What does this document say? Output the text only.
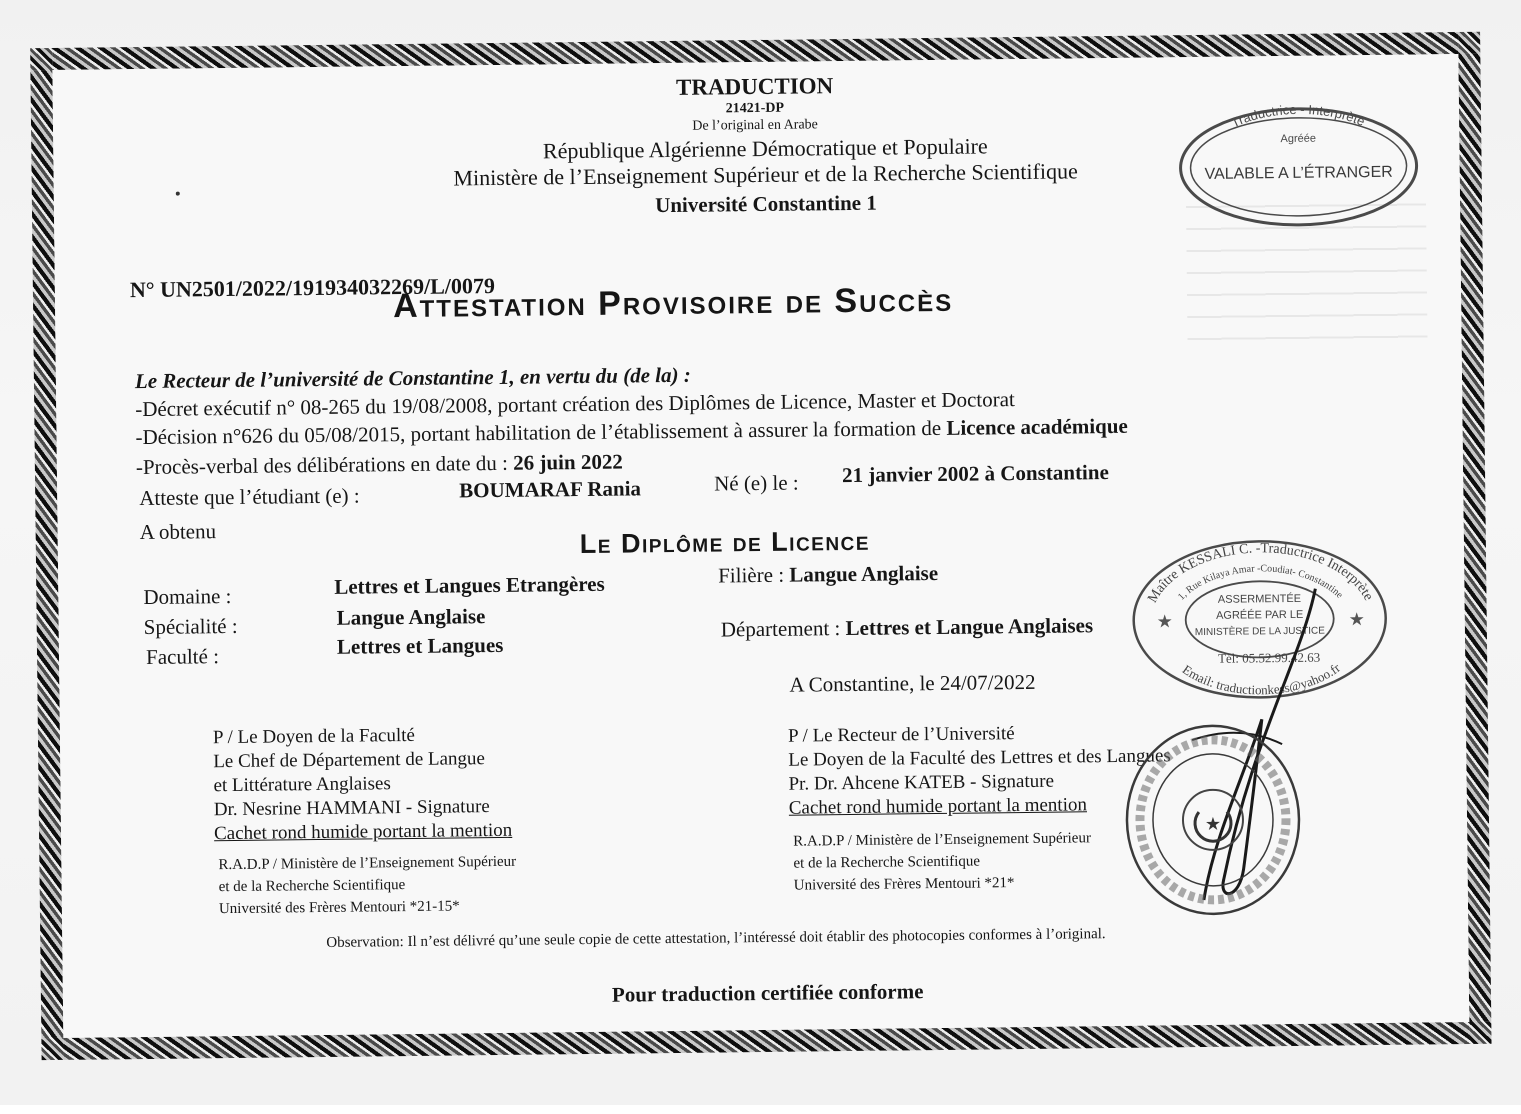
TRADUCTION
21421-DP
De l’original en Arabe
République Algérienne Démocratique et Populaire
Ministère de l’Enseignement Supérieur et de la Recherche Scientifique
Université Constantine 1
N° UN2501/2022/191934032269/L/0079
Attestation Provisoire de Succès
Le Recteur de l’université de Constantine 1, en vertu du (de la) :
-Décret exécutif n° 08-265 du 19/08/2008, portant création des Diplômes de Licence, Master et Doctorat
-Décision n°626 du 05/08/2015, portant habilitation de l’établissement à assurer la formation de Licence académique
-Procès-verbal des délibérations en date du : 26 juin 2022
Atteste que l’étudiant (e) :	BOUMARAF Rania	Né (e) le : 21 janvier 2002 à Constantine
A obtenu	Le Diplôme de Licence
Domaine :	Lettres et Langues Etrangères	Filière : Langue Anglaise
Spécialité :	Langue Anglaise
Faculté :	Lettres et Langues
Département : Lettres et Langue Anglaises
A Constantine, le 24/07/2022
P / Le Doyen de la Faculté
Le Chef de Département de Langue
et Littérature Anglaises
Dr. Nesrine HAMMANI - Signature
Cachet rond humide portant la mention
R.A.D.P / Ministère de l’Enseignement Supérieur
et de la Recherche Scientifique
Université des Frères Mentouri *21-15*
P / Le Recteur de l’Université
Le Doyen de la Faculté des Lettres et des Langues
Pr. Dr. Ahcene KATEB - Signature
Cachet rond humide portant la mention
R.A.D.P / Ministère de l’Enseignement Supérieur
et de la Recherche Scientifique
Université des Frères Mentouri *21*
Observation: Il n’est délivré qu’une seule copie de cette attestation, l’intéressé doit établir des photocopies conformes à l’original.
Pour traduction certifiée conforme
Traductrice - Interprète
Agréée
VALABLE A L’ÉTRANGER
Maître KESSALI C. -Traductrice Interprète
1, Rue Kilaya Amar -Coudiat- Constantine
ASSERMENTÉE
AGRÉÉE PAR LE
MINISTÈRE DE LA JUSTICE
★	★
Email: traductionkess@yahoo.fr
Tél: 05.52.99.42.63
★
